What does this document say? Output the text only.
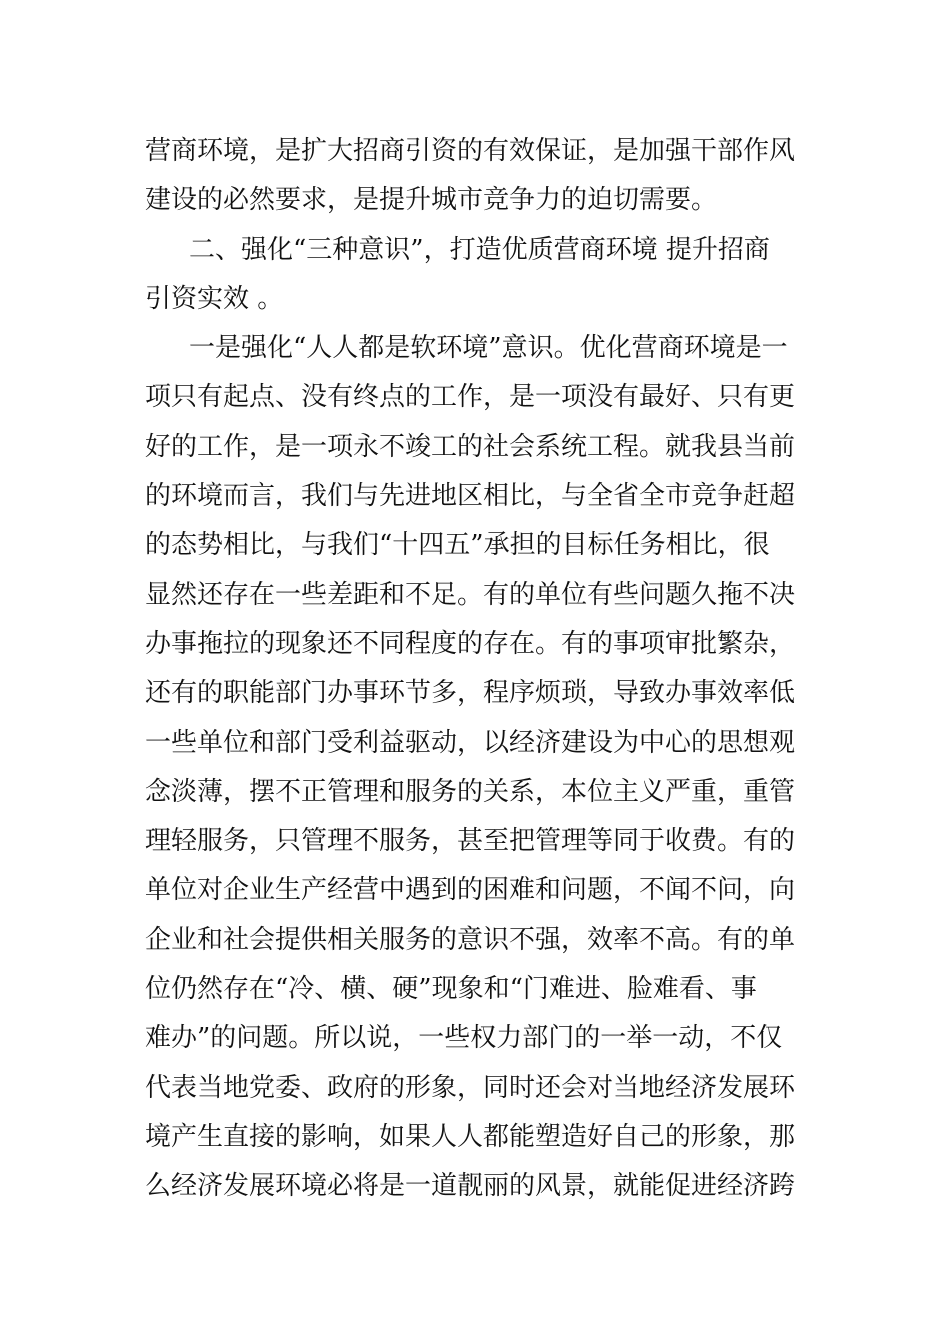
营商环境，是扩大招商引资的有效保证，是加强干部作风
建设的必然要求，是提升城市竞争力的迫切需要。
二、强化“三种意识”，打造优质营商环境 提升招商
引资实效 。
一是强化“人人都是软环境”意识。优化营商环境是一
项只有起点、没有终点的工作，是一项没有最好、只有更
好的工作，是一项永不竣工的社会系统工程。就我县当前
的环境而言，我们与先进地区相比，与全省全市竞争赶超
的态势相比，与我们“十四五”承担的目标任务相比，很
显然还存在一些差距和不足。有的单位有些问题久拖不决
办事拖拉的现象还不同程度的存在。有的事项审批繁杂，
还有的职能部门办事环节多，程序烦琐，导致办事效率低
一些单位和部门受利益驱动，以经济建设为中心的思想观
念淡薄，摆不正管理和服务的关系，本位主义严重，重管
理轻服务，只管理不服务，甚至把管理等同于收费。有的
单位对企业生产经营中遇到的困难和问题，不闻不问，向
企业和社会提供相关服务的意识不强，效率不高。有的单
位仍然存在“冷、横、硬”现象和“门难进、脸难看、事
难办”的问题。所以说，一些权力部门的一举一动，不仅
代表当地党委、政府的形象，同时还会对当地经济发展环
境产生直接的影响，如果人人都能塑造好自己的形象，那
么经济发展环境必将是一道靓丽的风景，就能促进经济跨
